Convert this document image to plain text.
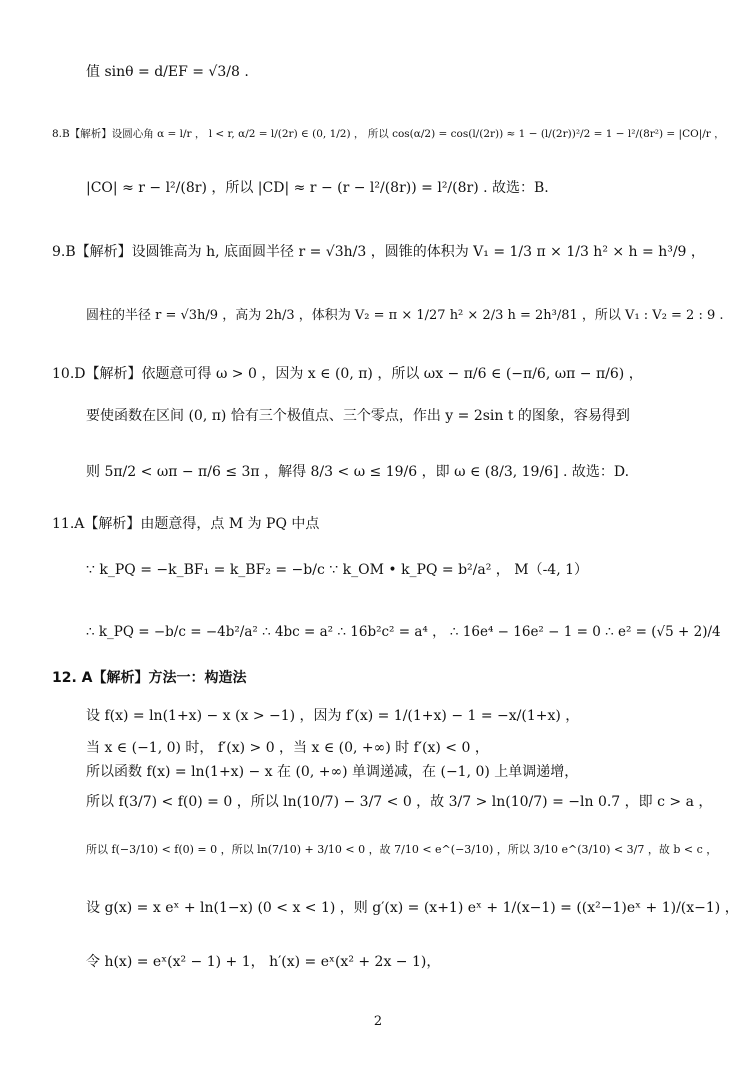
值 sinθ = d/EF = √3/8 .
8.B【解析】设圆心角 α = l/r ， l < r, α/2 = l/(2r) ∈ (0, 1/2) ， 所以 cos(α/2) = cos(l/(2r)) ≈ 1 − (l/(2r))²/2 = 1 − l²/(8r²) = |CO|/r ，
|CO| ≈ r − l²/(8r) ，所以 |CD| ≈ r − (r − l²/(8r)) = l²/(8r) . 故选：B.
9.B【解析】设圆锥高为 h, 底面圆半径 r = √3h/3 ，圆锥的体积为 V₁ = 1/3 π × 1/3 h² × h = h³/9 ，
圆柱的半径 r = √3h/9 ，高为 2h/3 ，体积为 V₂ = π × 1/27 h² × 2/3 h = 2h³/81 ，所以 V₁ : V₂ = 2 : 9 .
10.D【解析】依题意可得 ω > 0 ，因为 x ∈ (0, π) ，所以 ωx − π/6 ∈ (−π/6, ωπ − π/6) ，
要使函数在区间 (0, π) 恰有三个极值点、三个零点，作出 y = 2sin t 的图象，容易得到
则 5π/2 < ωπ − π/6 ≤ 3π ，解得 8/3 < ω ≤ 19/6 ，即 ω ∈ (8/3, 19/6] . 故选：D.
11.A【解析】由题意得，点 M 为 PQ 中点
∵ k_PQ = −k_BF₁ = k_BF₂ = −b/c ∵ k_OM • k_PQ = b²/a² ， M（-4, 1）
∴ k_PQ = −b/c = −4b²/a² ∴ 4bc = a² ∴ 16b²c² = a⁴ ， ∴ 16e⁴ − 16e² − 1 = 0 ∴ e² = (√5 + 2)/4
12. A【解析】方法一：构造法
设 f(x) = ln(1+x) − x (x > −1) ，因为 f′(x) = 1/(1+x) − 1 = −x/(1+x) ，
当 x ∈ (−1, 0) 时， f′(x) > 0 ，当 x ∈ (0, +∞) 时 f′(x) < 0 ，
所以函数 f(x) = ln(1+x) − x 在 (0, +∞) 单调递减，在 (−1, 0) 上单调递增，
所以 f(3/7) < f(0) = 0 ，所以 ln(10/7) − 3/7 < 0 ，故 3/7 > ln(10/7) = −ln 0.7 ，即 c > a ，
所以 f(−3/10) < f(0) = 0 ，所以 ln(7/10) + 3/10 < 0 ，故 7/10 < e^(−3/10) ，所以 3/10 e^(3/10) < 3/7 ，故 b < c ，
设 g(x) = x eˣ + ln(1−x) (0 < x < 1) ，则 g′(x) = (x+1) eˣ + 1/(x−1) = ((x²−1)eˣ + 1)/(x−1) ，
令 h(x) = eˣ(x² − 1) + 1， h′(x) = eˣ(x² + 2x − 1)，
2
